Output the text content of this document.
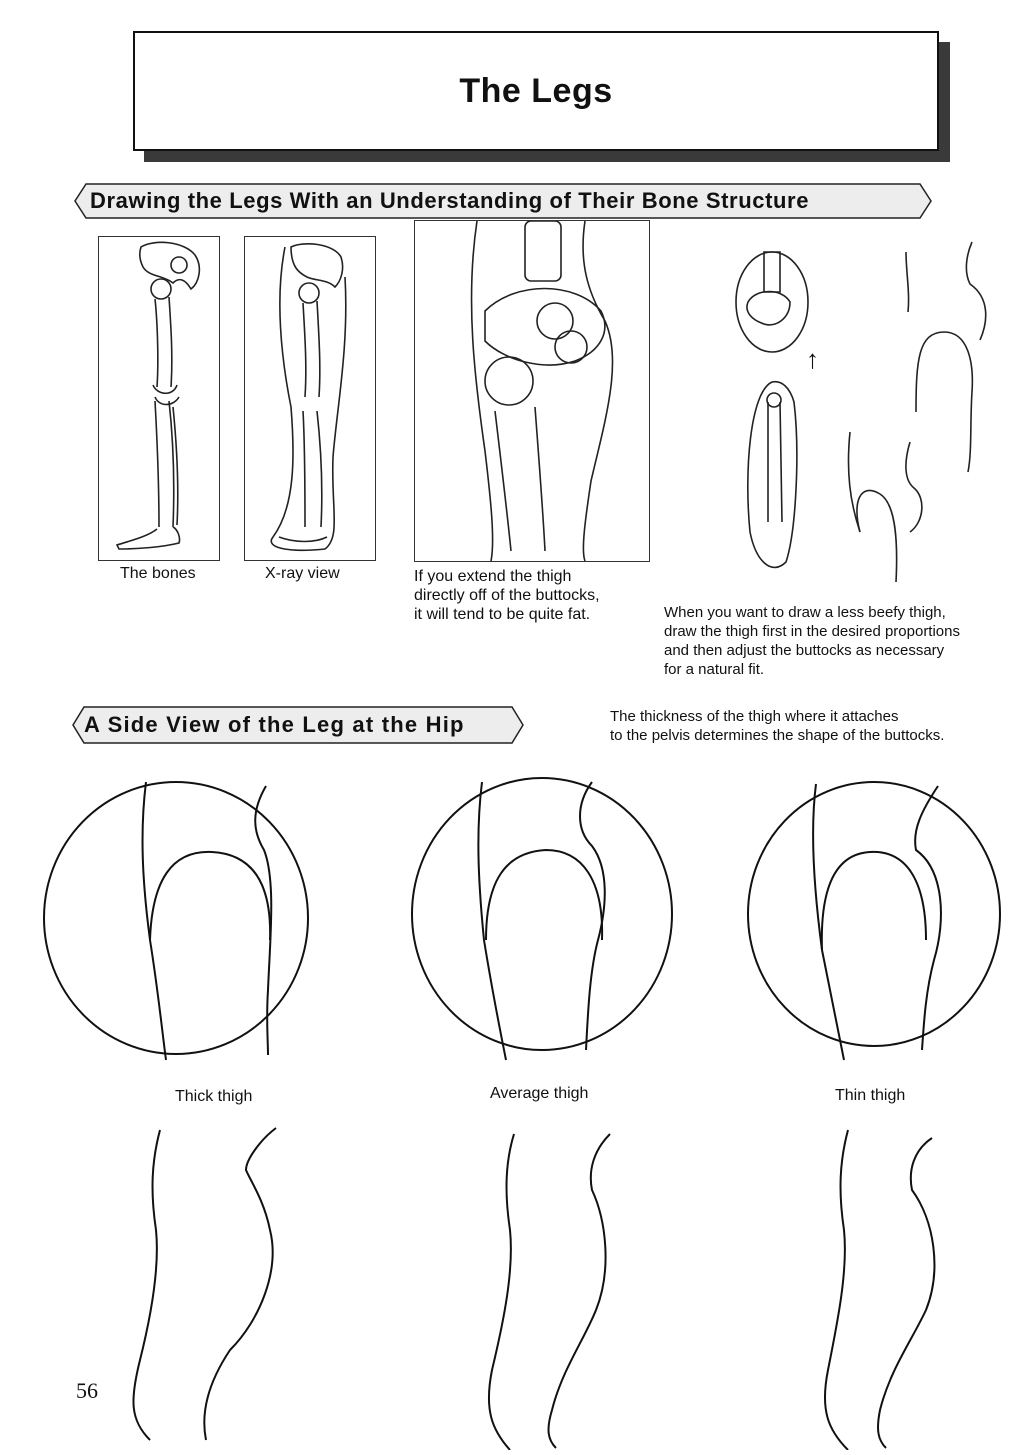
The Legs
Drawing the Legs With an Understanding of Their Bone Structure
The bones	X-ray view	If you extend the thigh
directly off of the buttocks,
it will tend to be quite fat.
↑
When you want to draw a less beefy thigh,
draw the thigh first in the desired proportions
and then adjust the buttocks as necessary
for a natural fit.
A Side View of the Leg at the Hip	The thickness of the thigh where it attaches
to the pelvis determines the shape of the buttocks.
Thick thigh	Average thigh	Thin thigh
56
